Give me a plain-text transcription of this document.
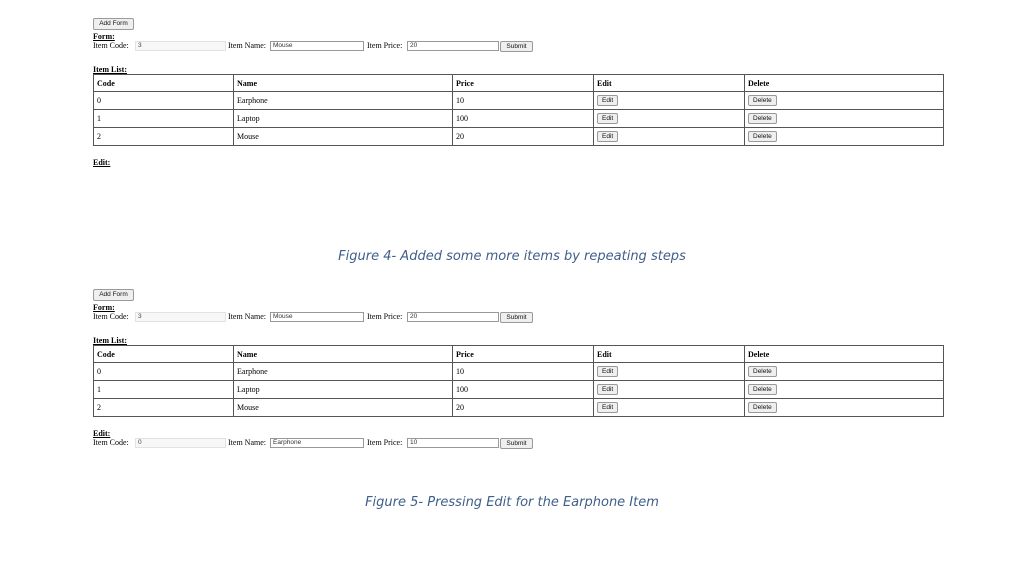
Add Form
Form:
Item Code:	3	Item Name:	Mouse	Item Price:	20	Submit
Item List:
Code	Name	Price	Edit	Delete
0	Earphone	10	Edit	Delete
1	Laptop	100	Edit	Delete
2	Mouse	20	Edit	Delete
Edit:
Figure 4- Added some more items by repeating steps
Add Form
Form:
Item Code:	3	Item Name:	Mouse	Item Price:	20	Submit
Item List:
Code	Name	Price	Edit	Delete
0	Earphone	10	Edit	Delete
1	Laptop	100	Edit	Delete
2	Mouse	20	Edit	Delete
Edit:
Item Code:	0	Item Name:	Earphone	Item Price:	10	Submit
Figure 5- Pressing Edit for the Earphone Item
